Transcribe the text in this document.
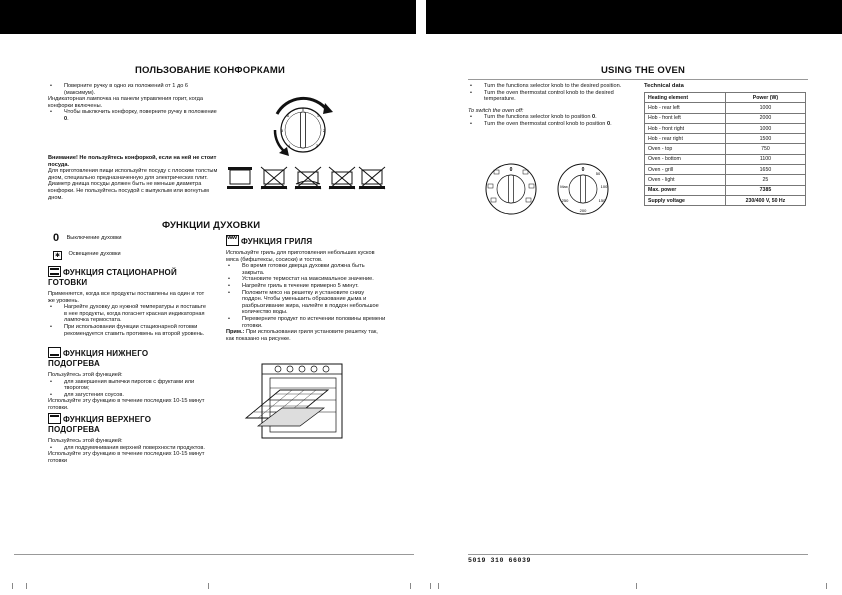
ПОЛЬЗОВАНИЕ КОНФОРКАМИ
• Поверните ручку в одно из положений от 1 до 6 (максимум).
Индикаторная лампочка на панели управления горит, когда конфорки включены.
• Чтобы выключить конфорку, поверните ручку в положение 0.
0
1
2
3
4
5
6
Внимание! Не пользуйтесь конфоркой, если на ней не стоит посуда.
Для приготовления пищи используйте посуду с плоским толстым дном, специально предназначенную для электрических плит. Диаметр днища посуды должен быть не меньше диаметра конфорки. Не пользуйтесь посудой с выпуклым или вогнутым дном.
ФУНКЦИИ ДУХОВКИ
0 Выключение духовки
✱ Освещение духовки
ФУНКЦИЯ СТАЦИОНАРНОЙ
ГОТОВКИ
Применяется, когда все продукты поставлены на один и тот же уровень.
• Нагрейте духовку до нужной температуры и поставьте в нее продукты, когда погаснет красная индикаторная лампочка термостата.
• При использовании функции стационарной готовки рекомендуется ставить противень на второй уровень.
ФУНКЦИЯ НИЖНЕГО
ПОДОГРЕВА
Пользуйтесь этой функцией:
• для завершения выпечки пирогов с фруктами или творогом;
• для загустения соусов.
Используйте эту функцию в течение последних 10-15 минут готовки.
ФУНКЦИЯ ВЕРХНЕГО
ПОДОГРЕВА
Пользуйтесь этой функцией:
• для подрумянивания верхней поверхности продуктов.
Используйте эту функцию в течение последних 10-15 минут готовки
vvvvФУНКЦИЯ ГРИЛЯ
Используйте гриль для приготовления небольших кусков мяса (бифштексы, сосиски) и тостов.
• Во время готовки дверца духовки должна быть закрыта.
• Установите термостат на максимальное значение.
• Нагрейте гриль в течение примерно 5 минут.
• Положите мясо на решетку и установите снизу поддон. Чтобы уменьшить образование дыма и разбрызгивание жира, налейте в поддон небольшое количество воды.
• Переверните продукт по истечении половины времени готовки.
Прим.: При использовании гриля установите решетку так, как показано на рисунке.
USING THE OVEN
• Turn the functions selector knob to the desired position.
• Turn the oven thermostat control knob to the desired temperature.
To switch the oven off:
• Turn the functions selector knob to position 0.
• Turn the oven thermostat control knob to position 0.
0	0
50
100
150
200
250
Max
Technical data
Heating element	Power (W)
Hob - rear left	1000
Hob - front left	2000
Hob - front right	1000
Hob - rear right	1500
Oven - top	750
Oven - bottom	1100
Oven - grill	1650
Oven - light	25
Max. power	7385
Supply voltage	230/400 V, 50 Hz
5019 310 66039
